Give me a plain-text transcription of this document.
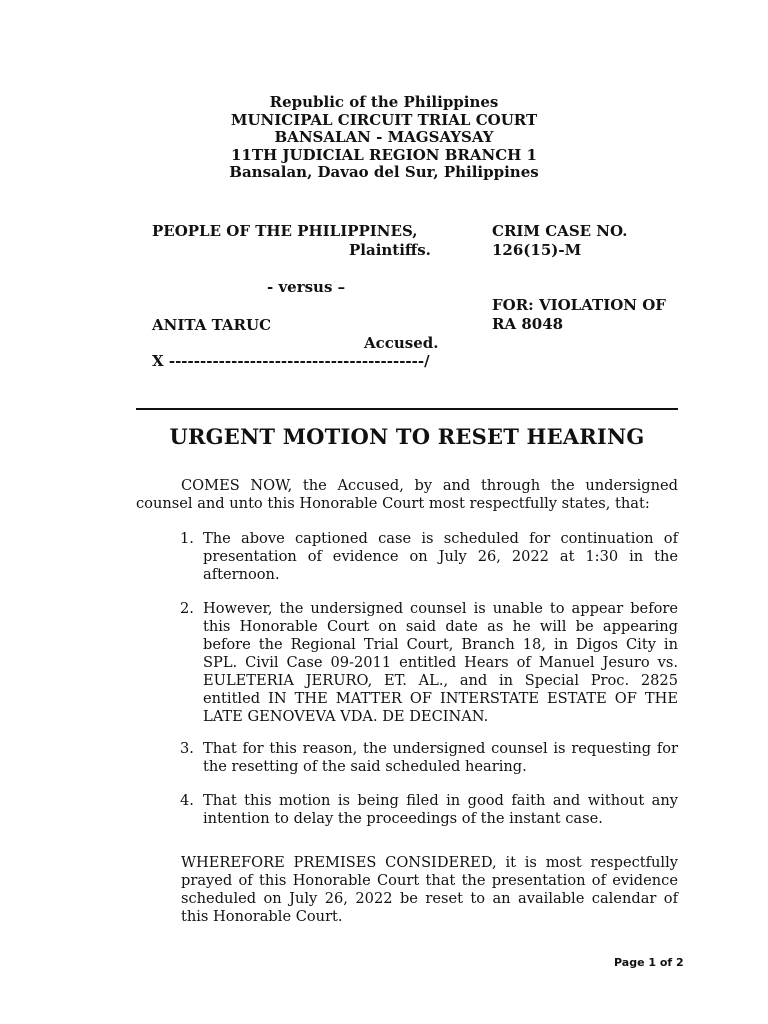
Republic of the Philippines
MUNICIPAL CIRCUIT TRIAL COURT
BANSALAN - MAGSAYSAY
11TH JUDICIAL REGION BRANCH 1
Bansalan, Davao del Sur, Philippines
PEOPLE OF THE PHILIPPINES,
Plaintiffs.
- versus –
ANITA TARUC
Accused.
X -----------------------------------------/
CRIM CASE NO.
126(15)-M
FOR: VIOLATION OF
RA 8048
URGENT MOTION TO RESET HEARING
COMES NOW, the Accused, by and through the undersigned counsel and unto this Honorable Court most respectfully states, that:
1. The above captioned case is scheduled for continuation of presentation of evidence on July 26, 2022 at 1:30 in the afternoon.
2. However, the undersigned counsel is unable to appear before this Honorable Court on said date as he will be appearing before the Regional Trial Court, Branch 18, in Digos City in SPL. Civil Case 09-2011 entitled Hears of Manuel Jesuro vs. EULETERIA JERURO, ET. AL., and in Special Proc. 2825 entitled IN THE MATTER OF INTERSTATE ESTATE OF THE LATE GENOVEVA VDA. DE DECINAN.
3. That for this reason, the undersigned counsel is requesting for the resetting of the said scheduled hearing.
4. That this motion is being filed in good faith and without any intention to delay the proceedings of the instant case.
WHEREFORE PREMISES CONSIDERED, it is most respectfully prayed of this Honorable Court that the presentation of evidence scheduled on July 26, 2022 be reset to an available calendar of this Honorable Court.
Page 1 of 2
